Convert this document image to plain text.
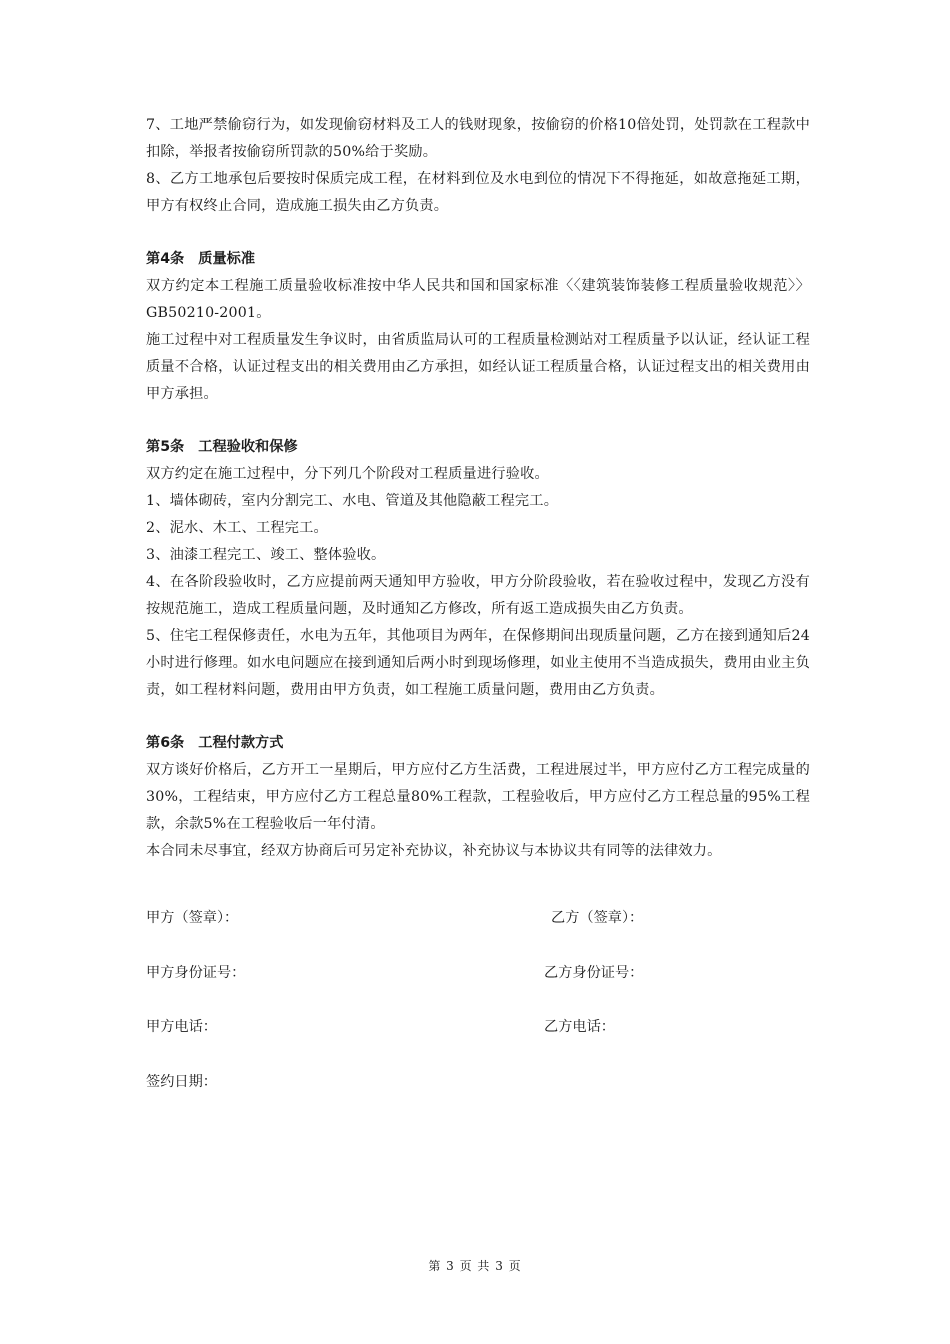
7、工地严禁偷窃行为，如发现偷窃材料及工人的钱财现象，按偷窃的价格10倍处罚，处罚款在工程款中扣除，举报者按偷窃所罚款的50%给于奖励。

8、乙方工地承包后要按时保质完成工程，在材料到位及水电到位的情况下不得拖延，如故意拖延工期，甲方有权终止合同，造成施工损失由乙方负责。

第4条 质量标准

双方约定本工程施工质量验收标准按中华人民共和国和国家标准〈〈建筑装饰装修工程质量验收规范〉〉GB50210-2001。

施工过程中对工程质量发生争议时，由省质监局认可的工程质量检测站对工程质量予以认证，经认证工程质量不合格，认证过程支出的相关费用由乙方承担，如经认证工程质量合格，认证过程支出的相关费用由甲方承担。

第5条 工程验收和保修

双方约定在施工过程中，分下列几个阶段对工程质量进行验收。

1、墙体砌砖，室内分割完工、水电、管道及其他隐蔽工程完工。

2、泥水、木工、工程完工。

3、油漆工程完工、竣工、整体验收。

4、在各阶段验收时，乙方应提前两天通知甲方验收，甲方分阶段验收，若在验收过程中，发现乙方没有按规范施工，造成工程质量问题，及时通知乙方修改，所有返工造成损失由乙方负责。

5、住宅工程保修责任，水电为五年，其他项目为两年，在保修期间出现质量问题，乙方在接到通知后24小时进行修理。如水电问题应在接到通知后两小时到现场修理，如业主使用不当造成损失，费用由业主负责，如工程材料问题，费用由甲方负责，如工程施工质量问题，费用由乙方负责。

第6条 工程付款方式

双方谈好价格后，乙方开工一星期后，甲方应付乙方生活费，工程进展过半，甲方应付乙方工程完成量的30%，工程结束，甲方应付乙方工程总量80%工程款，工程验收后，甲方应付乙方工程总量的95%工程款，余款5%在工程验收后一年付清。

本合同未尽事宜，经双方协商后可另定补充协议，补充协议与本协议共有同等的法律效力。

甲方（签章）：	乙方（签章）：
甲方身份证号：	乙方身份证号：
甲方电话：	乙方电话：
签约日期：
第 3 页 共 3 页
